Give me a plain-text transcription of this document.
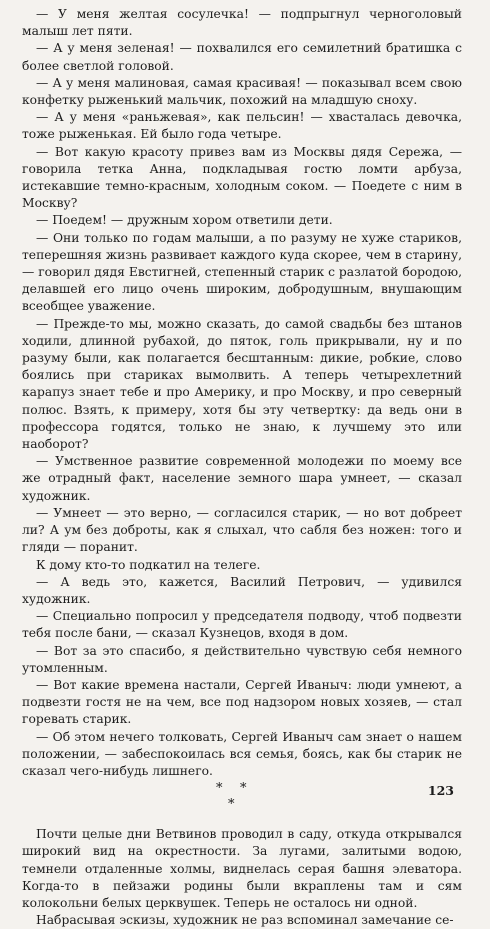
— У меня желтая сосулечка! — подпрыгнул черноголовый малыш лет пяти.

— А у меня зеленая! — похвалился его семилетний братишка с более светлой головой.

— А у меня малиновая, самая красивая! — показывал всем свою конфетку рыженький мальчик, похожий на младшую сноху.

— А у меня «раньжевая», как пельсин! — хвасталась девочка, тоже рыженькая. Ей было года четыре.

— Вот какую красоту привез вам из Москвы дядя Сережа, — говорила тетка Анна, подкладывая гостю ломти арбуза, истекавшие темно-красным, холодным соком. — Поедете с ним в Москву?

— Поедем! — дружным хором ответили дети.

— Они только по годам малыши, а по разуму не хуже стариков, теперешняя жизнь развивает каждого куда скорее, чем в старину, — говорил дядя Евстигней, степенный старик с разлатой бородою, делавшей его лицо очень широким, добродушным, внушающим всеобщее уважение.

— Прежде-то мы, можно сказать, до самой свадьбы без штанов ходили, длинной рубахой, до пяток, голь прикрывали, ну и по разуму были, как полагается бесштанным: дикие, робкие, слово боялись при стариках вымолвить. А теперь четырехлетний карапуз знает тебе и про Америку, и про Москву, и про северный полюс. Взять, к примеру, хотя бы эту четвертку: да ведь они в профессора годятся, только не знаю, к лучшему это или наоборот?

— Умственное развитие современной молодежи по моему все же отрадный факт, население земного шара умнеет, — сказал художник.

— Умнеет — это верно, — согласился старик, — но вот добреет ли? А ум без доброты, как я слыхал, что сабля без ножен: того и гляди — поранит.

К дому кто-то подкатил на телеге.

— А ведь это, кажется, Василий Петрович, — удивился художник.

— Специально попросил у председателя подводу, чтоб подвезти тебя после бани, — сказал Кузнецов, входя в дом.

— Вот за это спасибо, я действительно чувствую себя немного утомленным.

— Вот какие времена настали, Сергей Иваныч: люди умнеют, а подвезти гостя не на чем, все под надзором новых хозяев, — стал горевать старик.

— Об этом нечего толковать, Сергей Иваныч сам знает о нашем положении, — забеспокоилась вся семья, боясь, как бы старик не сказал чего-нибудь лишнего.

* *
*

Почти целые дни Ветвинов проводил в саду, откуда открывался широкий вид на окрестности. За лугами, залитыми водою, темнели отдаленные холмы, виднелась серая башня элеватора. Когда-то в пейзажи родины были вкраплены там и сям колокольни белых церквушек. Теперь не осталось ни одной.

Набрасывая эскизы, художник не раз вспоминал замечание се-

123
